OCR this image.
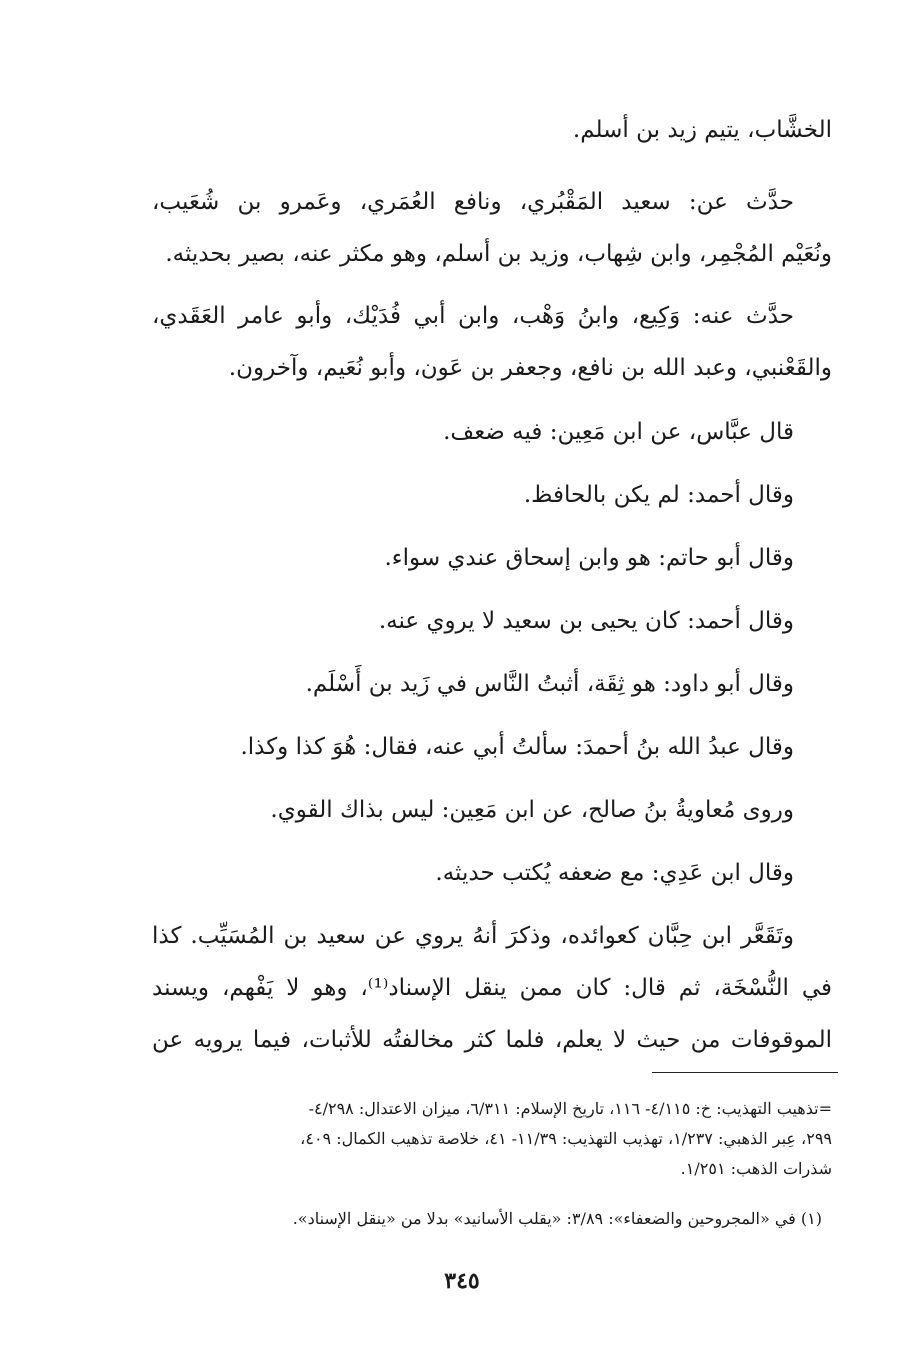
الخشَّاب، يتيم زيد بن أسلم.
حدَّث عن: سعيد المَقْبُري، ونافع العُمَري، وعَمرو بن شُعَيب،
ونُعَيْم المُجْمِر، وابن شِهاب، وزيد بن أسلم، وهو مكثر عنه، بصير بحديثه.
حدَّث عنه: وَكِيع، وابنُ وَهْب، وابن أبي فُدَيْك، وأبو عامر العَقَدي،
والقَعْنبي، وعبد الله بن نافع، وجعفر بن عَون، وأبو نُعَيم، وآخرون.
قال عبَّاس، عن ابن مَعِين: فيه ضعف.
وقال أحمد: لم يكن بالحافظ.
وقال أبو حاتم: هو وابن إسحاق عندي سواء.
وقال أحمد: كان يحيى بن سعيد لا يروي عنه.
وقال أبو داود: هو ثِقَة، أثبتُ النَّاس في زَيد بن أَسْلَم.
وقال عبدُ الله بنُ أحمدَ: سألتُ أبي عنه، فقال: هُوَ كذا وكذا.
وروى مُعاويةُ بنُ صالح، عن ابن مَعِين: ليس بذاك القوي.
وقال ابن عَدِي: مع ضعفه يُكتب حديثه.
وتَقَعَّر ابن حِبَّان كعوائده، وذكرَ أنهُ يروي عن سعيد بن المُسَيِّب. كذا
في النُّسْخَة، ثم قال: كان ممن ينقل الإسناد⁽¹⁾، وهو لا يَفْهم، ويسند
الموقوفات من حيث لا يعلم، فلما كثر مخالفتُه للأثبات، فيما يرويه عن
=تذهيب التهذيب: خ: ٤/١١٥- ١١٦، تاريخ الإسلام: ٦/٣١١، ميزان الاعتدال: ٤/٢٩٨-
٢٩٩، عِبر الذهبي: ١/٢٣٧، تهذيب التهذيب: ١١/٣٩- ٤١، خلاصة تذهيب الكمال: ٤٠٩،
شذرات الذهب: ١/٢٥١.
(١) في «المجروحين والضعفاء»: ٣/٨٩: «يقلب الأسانيد» بدلا من «ينقل الإسناد».
٣٤٥
